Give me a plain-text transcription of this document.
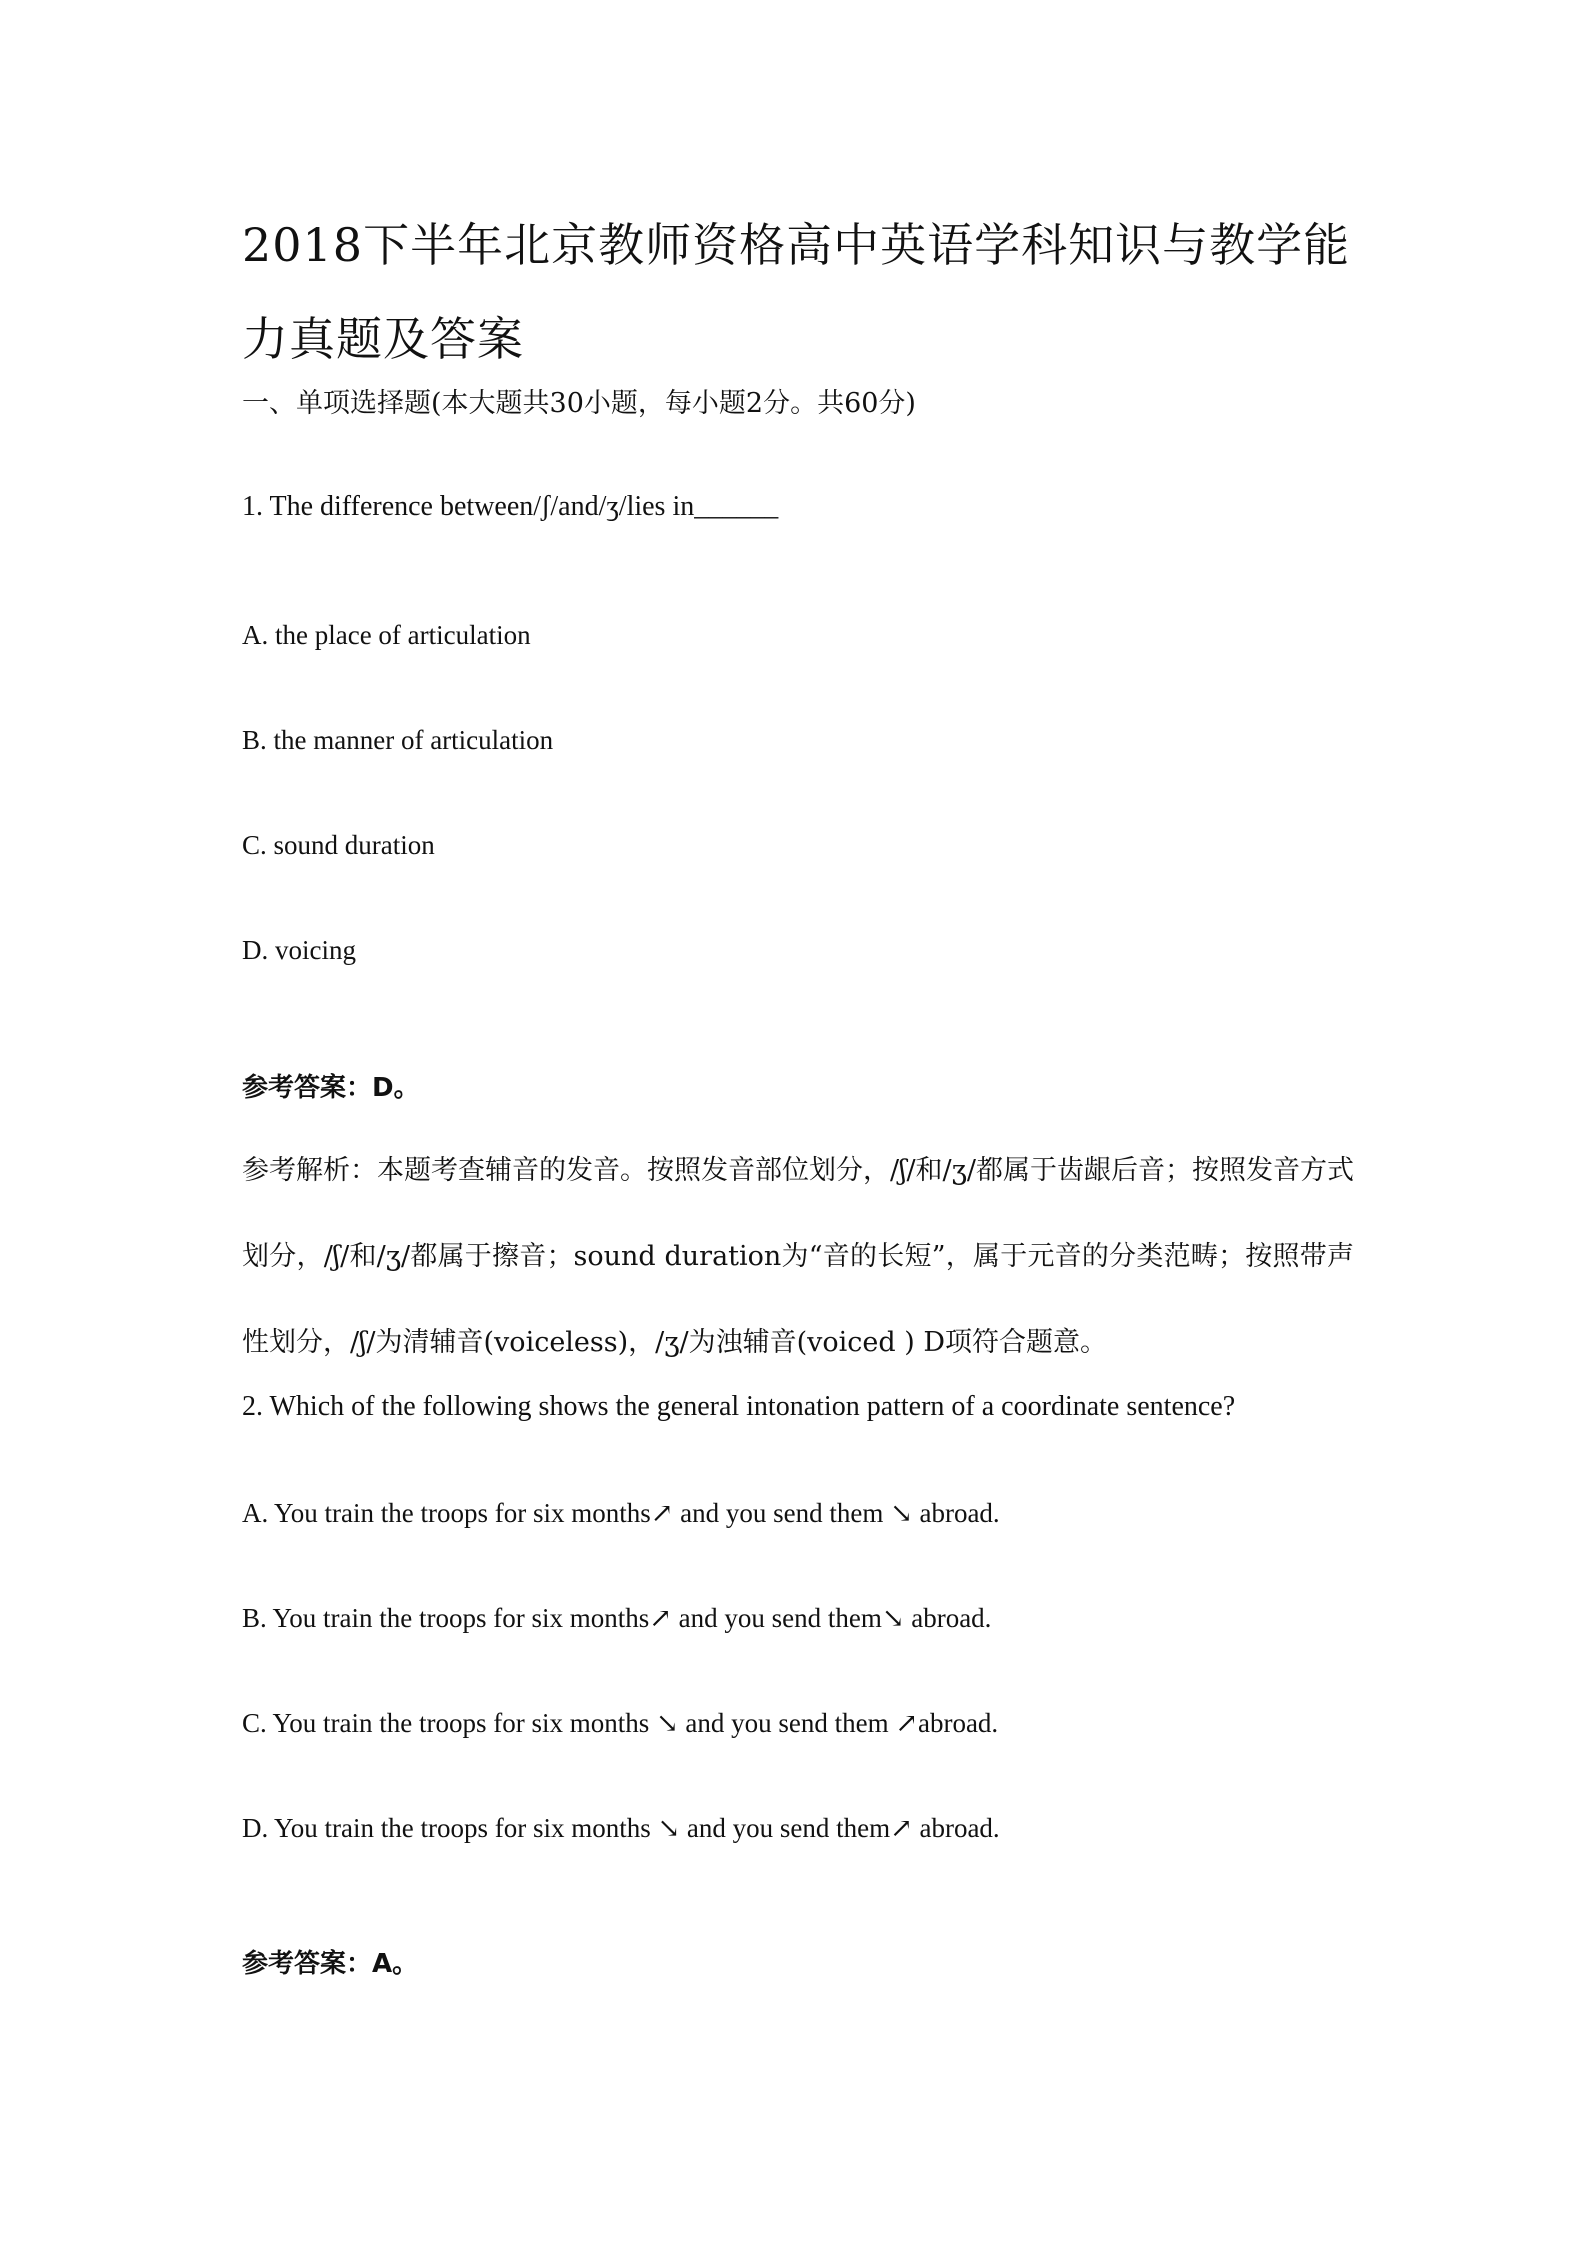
2018下半年北京教师资格高中英语学科知识与教学能力真题及答案
一、单项选择题(本大题共30小题，每小题2分。共60分)
1. The difference between/ʃ/and/ʒ/lies in______
A. the place of articulation
B. the manner of articulation
C. sound duration
D. voicing
参考答案：D。
参考解析：本题考查辅音的发音。按照发音部位划分，/ʃ/和/ʒ/都属于齿龈后音；按照发音方式划分，/ʃ/和/ʒ/都属于擦音；sound duration为“音的长短”，属于元音的分类范畴；按照带声性划分，/ʃ/为清辅音(voiceless)，/ʒ/为浊辅音(voiced ) D项符合题意。
2. Which of the following shows the general intonation pattern of a coordinate sentence?
A. You train the troops for six months↗ and you send them ↘ abroad.
B. You train the troops for six months↗ and you send them↘ abroad.
C. You train the troops for six months ↘ and you send them ↗abroad.
D. You train the troops for six months ↘ and you send them↗ abroad.
参考答案：A。
